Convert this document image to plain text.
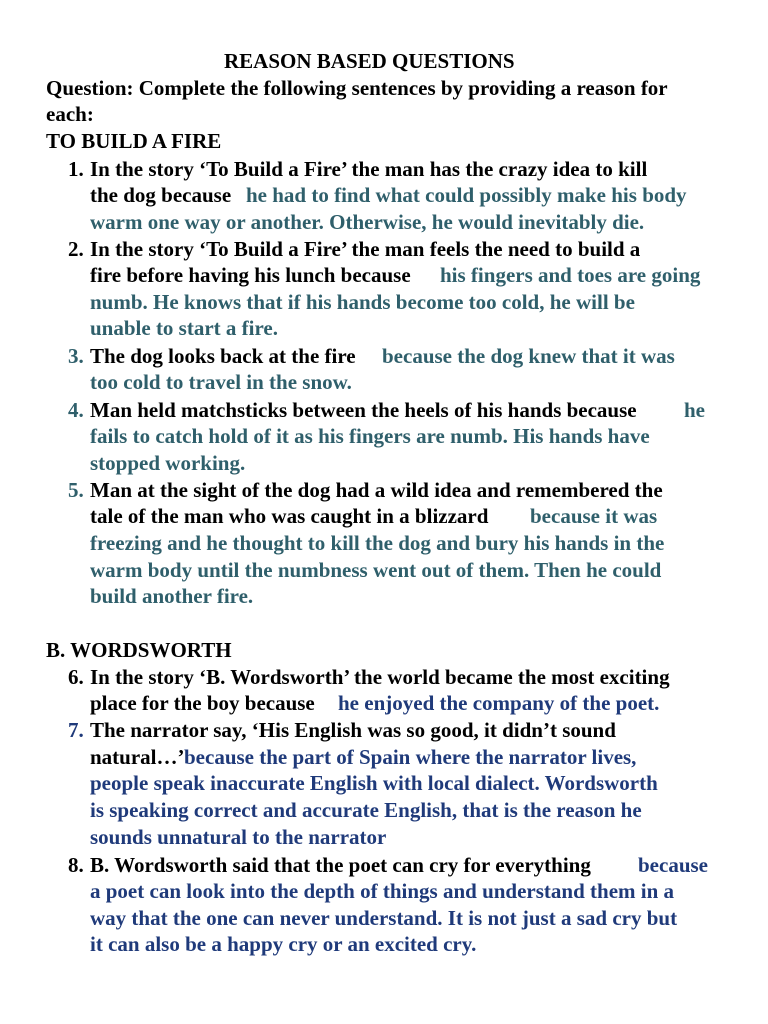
REASON BASED QUESTIONS
Question: Complete the following sentences by providing a reason for
each:
TO BUILD A FIRE
1. In the story ‘To Build a Fire’ the man has the crazy idea to kill
the dog because he had to find what could possibly make his body
warm one way or another. Otherwise, he would inevitably die.
2. In the story ‘To Build a Fire’ the man feels the need to build a
fire before having his lunch because his fingers and toes are going
numb. He knows that if his hands become too cold, he will be
unable to start a fire.
3. The dog looks back at the fire because the dog knew that it was
too cold to travel in the snow.
4. Man held matchsticks between the heels of his hands because he
fails to catch hold of it as his fingers are numb. His hands have
stopped working.
5. Man at the sight of the dog had a wild idea and remembered the
tale of the man who was caught in a blizzard because it was
freezing and he thought to kill the dog and bury his hands in the
warm body until the numbness went out of them. Then he could
build another fire.
B. WORDSWORTH
6. In the story ‘B. Wordsworth’ the world became the most exciting
place for the boy because he enjoyed the company of the poet.
7. The narrator say, ‘His English was so good, it didn’t sound
natural…’ because the part of Spain where the narrator lives,
people speak inaccurate English with local dialect. Wordsworth
is speaking correct and accurate English, that is the reason he
sounds unnatural to the narrator
8. B. Wordsworth said that the poet can cry for everything because
a poet can look into the depth of things and understand them in a
way that the one can never understand. It is not just a sad cry but
it can also be a happy cry or an excited cry.
